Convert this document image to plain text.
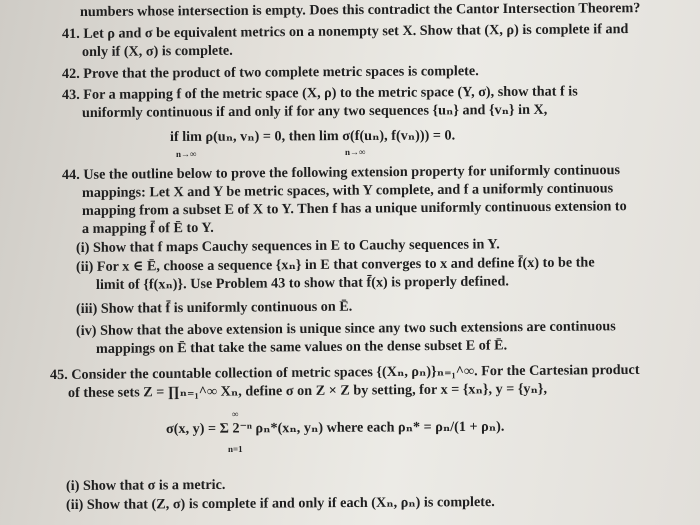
numbers whose intersection is empty. Does this contradict the Cantor Intersection Theorem?
41. Let ρ and σ be equivalent metrics on a nonempty set X. Show that (X, ρ) is complete if and
only if (X, σ) is complete.
42. Prove that the product of two complete metric spaces is complete.
43. For a mapping f of the metric space (X, ρ) to the metric space (Y, σ), show that f is
uniformly continuous if and only if for any two sequences {uₙ} and {vₙ} in X,
if lim ρ(uₙ, vₙ) = 0, then lim σ(f(uₙ), f(vₙ))) = 0.
n→∞	n→∞
44. Use the outline below to prove the following extension property for uniformly continuous
mappings: Let X and Y be metric spaces, with Y complete, and f a uniformly continuous
mapping from a subset E of X to Y. Then f has a unique uniformly continuous extension to
a mapping f̄ of Ē to Y.
(i) Show that f maps Cauchy sequences in E to Cauchy sequences in Y.
(ii) For x ∈ Ē, choose a sequence {xₙ} in E that converges to x and define f̄(x) to be the
limit of {f(xₙ)}. Use Problem 43 to show that f̄(x) is properly defined.
(iii) Show that f̄ is uniformly continuous on Ē.
(iv) Show that the above extension is unique since any two such extensions are continuous
mappings on Ē that take the same values on the dense subset E of Ē.
45. Consider the countable collection of metric spaces {(Xₙ, ρₙ)}ₙ₌₁^∞. For the Cartesian product
of these sets Z = ∏ₙ₌₁^∞ Xₙ, define σ on Z × Z by setting, for x = {xₙ}, y = {yₙ},
∞
σ(x, y) = Σ 2⁻ⁿ ρₙ*(xₙ, yₙ) where each ρₙ* = ρₙ/(1 + ρₙ).
n=1
(i) Show that σ is a metric.
(ii) Show that (Z, σ) is complete if and only if each (Xₙ, ρₙ) is complete.
